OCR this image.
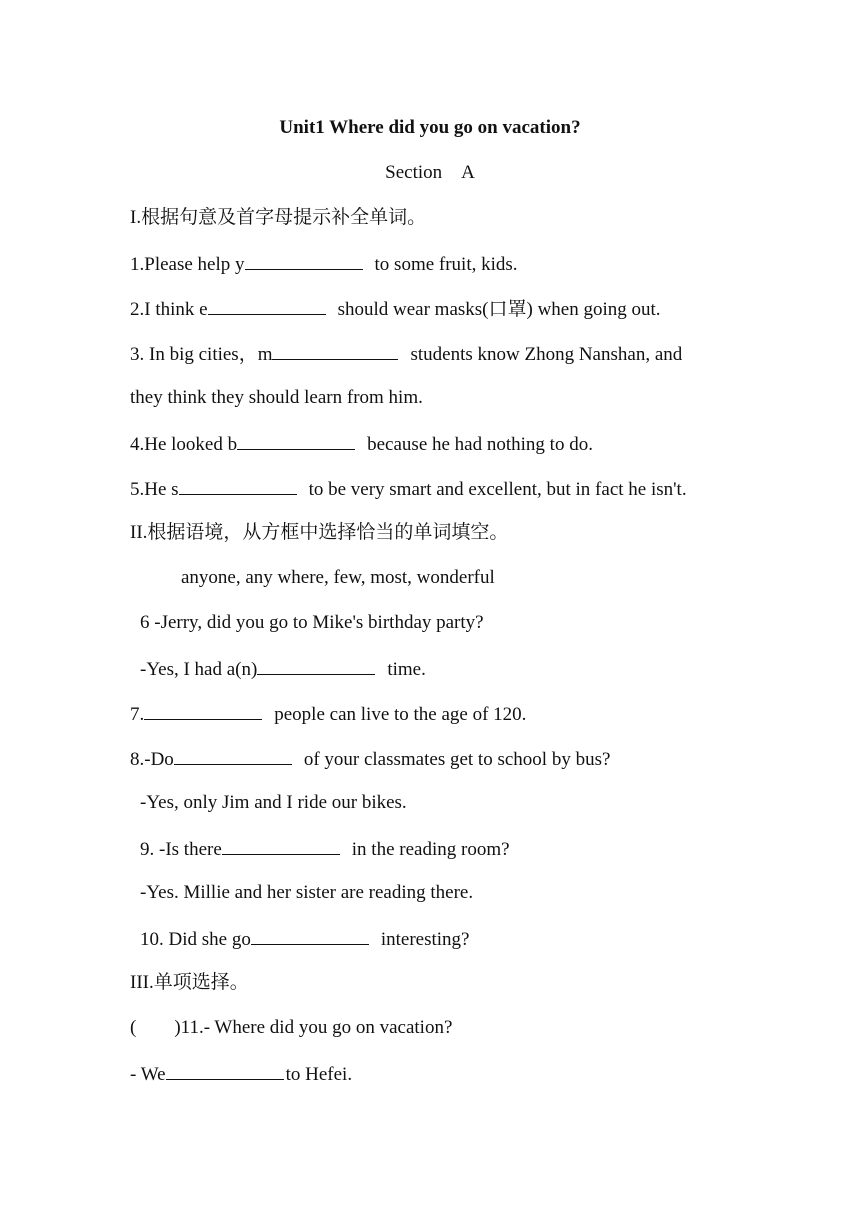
Unit1 Where did you go on vacation?
Section　A
I.根据句意及首字母提示补全单词。
1.Please help y	to some fruit, kids.
2.I think e	should wear masks(口罩) when going out.
3. In big cities，m	students know Zhong Nanshan, and
they think they should learn from him.
4.He looked b	because he had nothing to do.
5.He s	to be very smart and excellent, but in fact he isn't.
II.根据语境，从方框中选择恰当的单词填空。
anyone, any where, few, most, wonderful
6 -Jerry, did you go to Mike's birthday party?
-Yes, I had a(n)	time.
7.	people can live to the age of 120.
8.-Do	of your classmates get to school by bus?
-Yes, only Jim and I ride our bikes.
9. -Is there	in the reading room?
-Yes. Millie and her sister are reading there.
10. Did she go	interesting?
III.单项选择。
(　　)11.- Where did you go on vacation?
- We	to Hefei.
